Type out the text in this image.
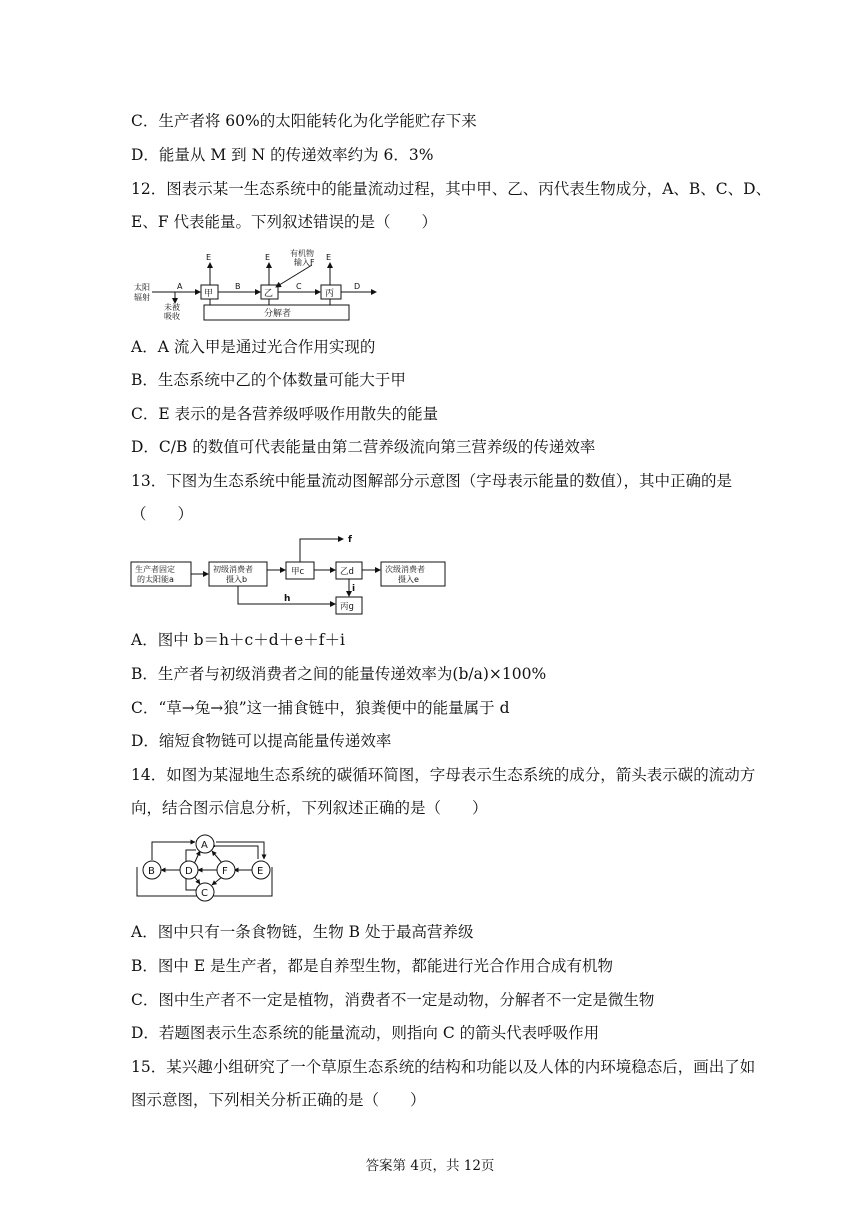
C．生产者将 60%的太阳能转化为化学能贮存下来
D．能量从 M 到 N 的传递效率约为 6．3%
12．图表示某一生态系统中的能量流动过程，其中甲、乙、丙代表生物成分，A、B、C、D、
E、F 代表能量。下列叙述错误的是（　　）
太阳
辐射
A
未被
吸收
甲
E
B
乙
E 有机物
输入F
C
丙
E
D
分解者
A．A 流入甲是通过光合作用实现的
B．生态系统中乙的个体数量可能大于甲
C．E 表示的是各营养级呼吸作用散失的能量
D．C/B 的数值可代表能量由第二营养级流向第三营养级的传递效率
13．下图为生态系统中能量流动图解部分示意图（字母表示能量的数值），其中正确的是
（　　）
生产者固定
的太阳能a
初级消费者
摄入b
甲c
f
乙d	次级消费者
摄入e
i
h
丙g
A．图中 b＝h＋c＋d＋e＋f＋i
B．生产者与初级消费者之间的能量传递效率为(b/a)×100%
C．“草→兔→狼”这一捕食链中，狼粪便中的能量属于 d
D．缩短食物链可以提高能量传递效率
14．如图为某湿地生态系统的碳循环简图，字母表示生态系统的成分，箭头表示碳的流动方
向，结合图示信息分析，下列叙述正确的是（　　）
A
B	D	F	E
C
A．图中只有一条食物链，生物 B 处于最高营养级
B．图中 E 是生产者，都是自养型生物，都能进行光合作用合成有机物
C．图中生产者不一定是植物，消费者不一定是动物，分解者不一定是微生物
D．若题图表示生态系统的能量流动，则指向 C 的箭头代表呼吸作用
15．某兴趣小组研究了一个草原生态系统的结构和功能以及人体的内环境稳态后，画出了如
图示意图，下列相关分析正确的是（　　）
答案第 4页，共 12页
